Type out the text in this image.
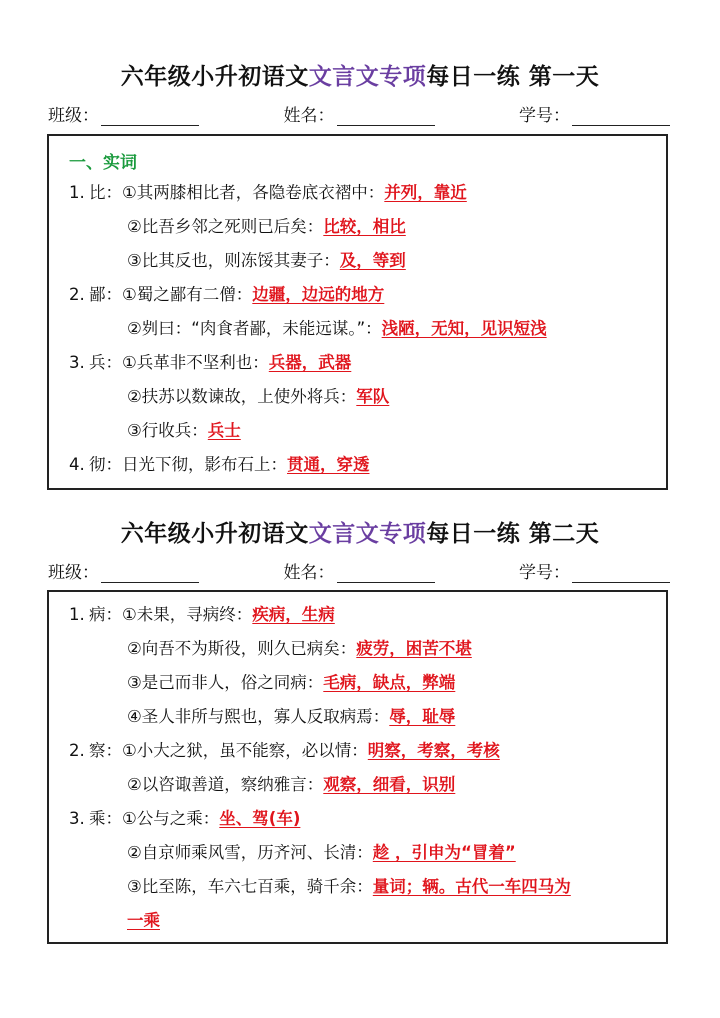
六年级小升初语文文言文专项每日一练 第一天
班级：	姓名：	学号：
一、实词
1. 比：①其两膝相比者，各隐卷底衣褶中：并列，靠近
②比吾乡邻之死则已后矣：比较，相比
③比其反也，则冻馁其妻子：及，等到
2. 鄙：①蜀之鄙有二僧：边疆，边远的地方
②刿曰：“肉食者鄙，未能远谋。”：浅陋，无知，见识短浅
3. 兵：①兵革非不坚利也：兵器，武器
②扶苏以数谏故，上使外将兵：军队
③行收兵：兵士
4. 彻：日光下彻，影布石上：贯通，穿透
六年级小升初语文文言文专项每日一练 第二天
班级：	姓名：	学号：
1. 病：①未果，寻病终：疾病，生病
②向吾不为斯役，则久已病矣：疲劳，困苦不堪
③是己而非人，俗之同病：毛病，缺点，弊端
④圣人非所与熙也，寡人反取病焉：辱，耻辱
2. 察：①小大之狱，虽不能察，必以情：明察，考察，考核
②以咨诹善道，察纳雅言：观察，细看，识别
3. 乘：①公与之乘：坐、驾(车)
②自京师乘风雪，历齐河、长清：趁 ，引申为“冒着”
③比至陈，车六七百乘，骑千余：量词；辆。古代一车四马为
一乘
